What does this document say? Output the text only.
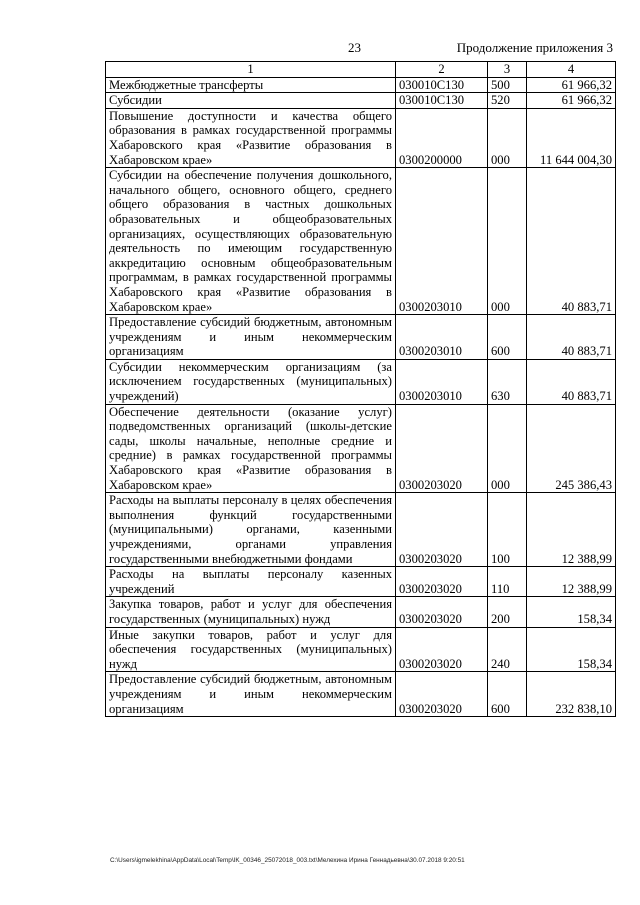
23	Продолжение приложения 3
1	2	3	4
Межбюджетные трансферты	030010С130	500	61 966,32
Субсидии	030010С130	520	61 966,32
Повышение доступности и качества общего образования в рамках государственной программы Хабаровского края «Развитие образования в Хабаровском крае»	0300200000	000	11 644 004,30
Субсидии на обеспечение получения дошкольного, начального общего, основного общего, среднего общего образования в частных дошкольных образовательных и общеобразовательных организациях, осуществляющих образовательную деятельность по имеющим государственную аккредитацию основным общеобразовательным программам, в рамках государственной программы Хабаровского края «Развитие образования в Хабаровском крае»	0300203010	000	40 883,71
Предоставление субсидий бюджетным, автономным учреждениям и иным некоммерческим организациям	0300203010	600	40 883,71
Субсидии некоммерческим организациям (за исключением государственных (муниципальных) учреждений)	0300203010	630	40 883,71
Обеспечение деятельности (оказание услуг) подведомственных организаций (школы-детские сады, школы начальные, неполные средние и средние) в рамках государственной программы Хабаровского края «Развитие образования в Хабаровском крае»	0300203020	000	245 386,43
Расходы на выплаты персоналу в целях обеспечения выполнения функций государственными (муниципальными) органами, казенными учреждениями, органами управления государственными внебюджетными фондами	0300203020	100	12 388,99
Расходы на выплаты персоналу казенных учреждений	0300203020	110	12 388,99
Закупка товаров, работ и услуг для обеспечения государственных (муниципальных) нужд	0300203020	200	158,34
Иные закупки товаров, работ и услуг для обеспечения государственных (муниципальных) нужд	0300203020	240	158,34
Предоставление субсидий бюджетным, автономным учреждениям и иным некоммерческим организациям	0300203020	600	232 838,10
C:\Users\igmelekhina\AppData\Local\Temp\IK_00346_25072018_003.txt\Мелехина Ирина Геннадьевна\30.07.2018 9:20:51
